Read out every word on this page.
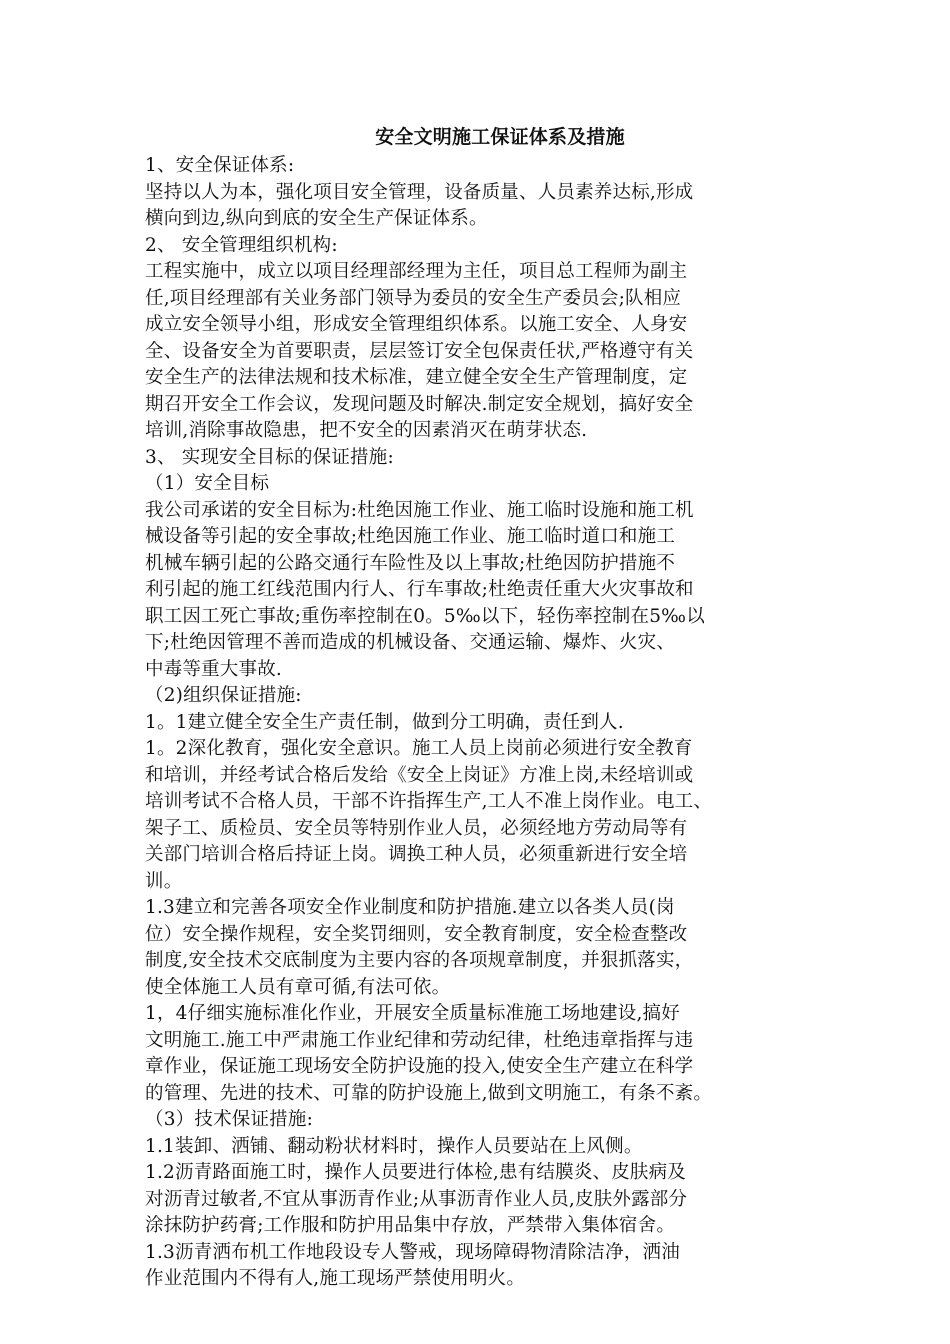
安全文明施工保证体系及措施
1、安全保证体系:
坚持以人为本，强化项目安全管理，设备质量、人员素养达标,形成
横向到边,纵向到底的安全生产保证体系。
2、 安全管理组织机构:
工程实施中，成立以项目经理部经理为主任，项目总工程师为副主
任,项目经理部有关业务部门领导为委员的安全生产委员会;队相应
成立安全领导小组，形成安全管理组织体系。以施工安全、人身安
全、设备安全为首要职责，层层签订安全包保责任状,严格遵守有关
安全生产的法律法规和技术标准，建立健全安全生产管理制度，定
期召开安全工作会议，发现问题及时解决.制定安全规划，搞好安全
培训,消除事故隐患，把不安全的因素消灭在萌芽状态.
3、 实现安全目标的保证措施:
（1）安全目标
我公司承诺的安全目标为:杜绝因施工作业、施工临时设施和施工机
械设备等引起的安全事故;杜绝因施工作业、施工临时道口和施工
机械车辆引起的公路交通行车险性及以上事故;杜绝因防护措施不
利引起的施工红线范围内行人、行车事故;杜绝责任重大火灾事故和
职工因工死亡事故;重伤率控制在0。5‰以下，轻伤率控制在5‰以
下;杜绝因管理不善而造成的机械设备、交通运输、爆炸、火灾、
中毒等重大事故.
（2)组织保证措施:
1。1建立健全安全生产责任制，做到分工明确，责任到人.
1。2深化教育，强化安全意识。施工人员上岗前必须进行安全教育
和培训，并经考试合格后发给《安全上岗证》方准上岗,未经培训或
培训考试不合格人员，干部不许指挥生产,工人不准上岗作业。电工、
架子工、质检员、安全员等特别作业人员，必须经地方劳动局等有
关部门培训合格后持证上岗。调换工种人员，必须重新进行安全培
训。
1.3建立和完善各项安全作业制度和防护措施.建立以各类人员(岗
位）安全操作规程，安全奖罚细则，安全教育制度，安全检查整改
制度,安全技术交底制度为主要内容的各项规章制度，并狠抓落实，
使全体施工人员有章可循,有法可依。
1，4仔细实施标准化作业，开展安全质量标准施工场地建设,搞好
文明施工.施工中严肃施工作业纪律和劳动纪律，杜绝违章指挥与违
章作业，保证施工现场安全防护设施的投入,使安全生产建立在科学
的管理、先进的技术、可靠的防护设施上,做到文明施工，有条不紊。
（3）技术保证措施:
1.1装卸、洒铺、翻动粉状材料时，操作人员要站在上风侧。
1.2沥青路面施工时，操作人员要进行体检,患有结膜炎、皮肤病及
对沥青过敏者,不宜从事沥青作业;从事沥青作业人员,皮肤外露部分
涂抹防护药膏;工作服和防护用品集中存放，严禁带入集体宿舍。
1.3沥青洒布机工作地段设专人警戒，现场障碍物清除洁净，洒油
作业范围内不得有人,施工现场严禁使用明火。
